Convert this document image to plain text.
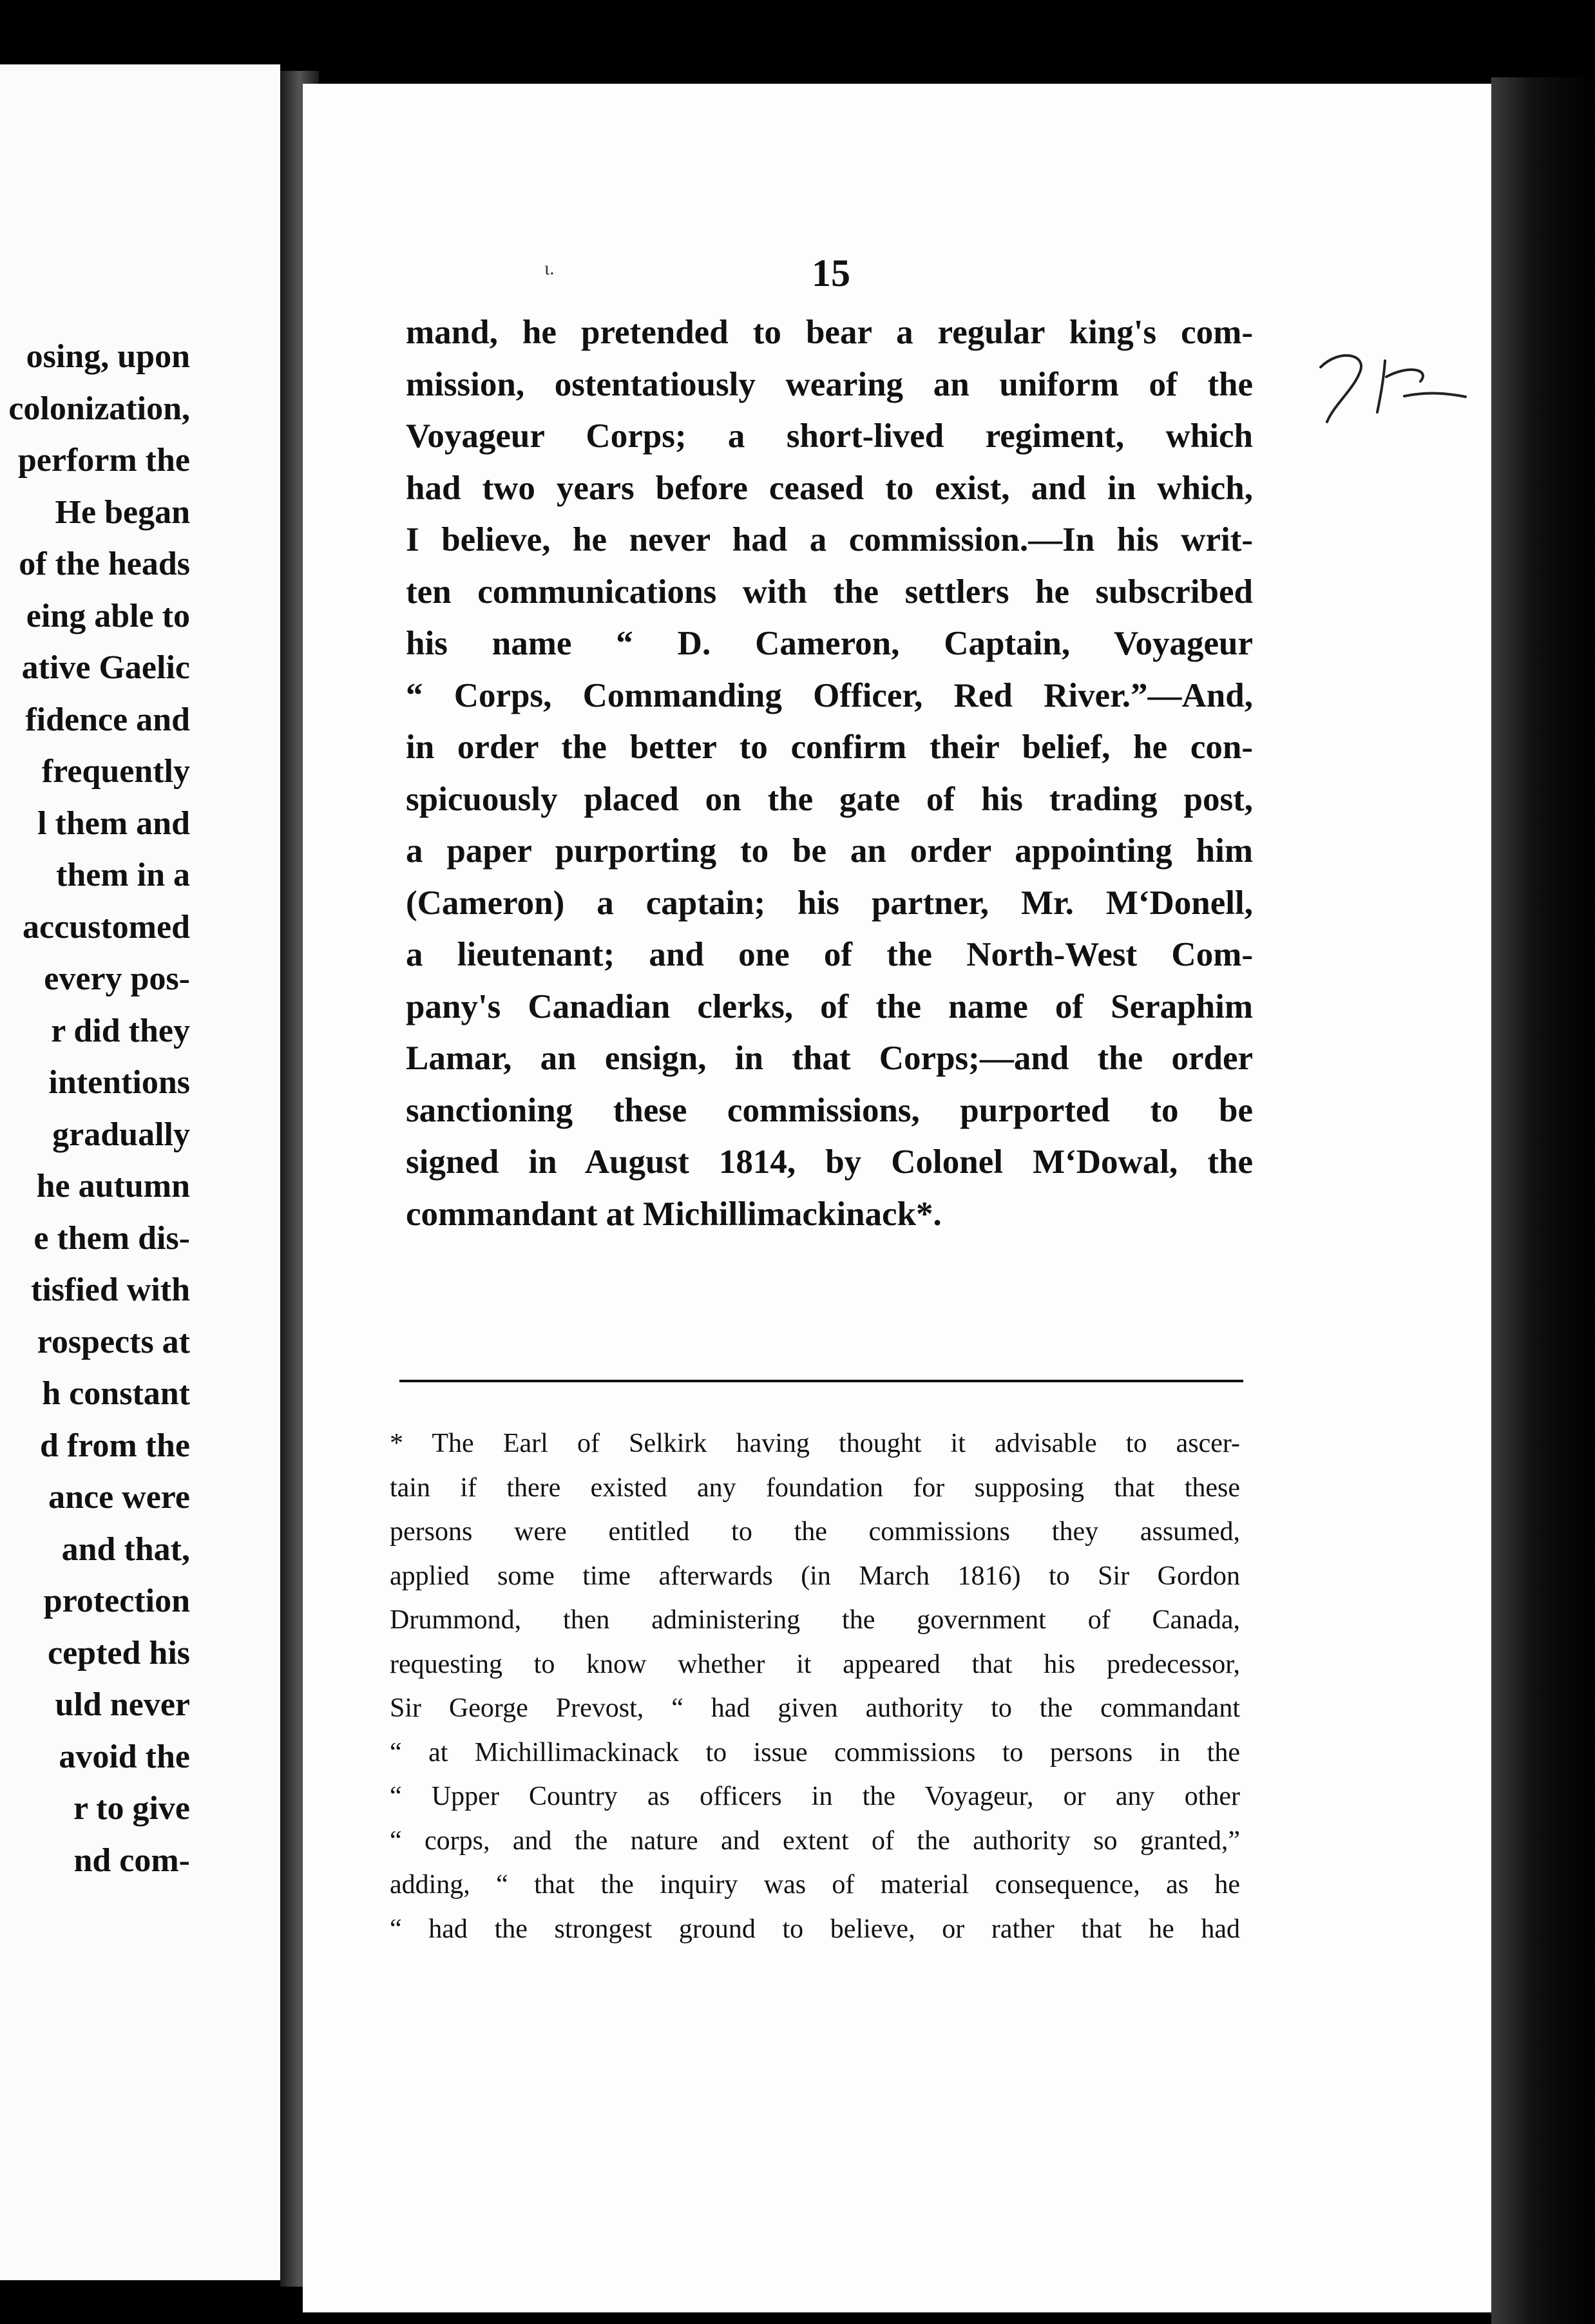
osing, upon
colonization,
perform the
He began
of the heads
eing able to
ative Gaelic
fidence and
frequently
l them and
them in a
accustomed
every pos-
r did they
intentions
gradually
he autumn
e them dis-
tisfied with
rospects at
h constant
d from the
ance were
and that,
protection
cepted his
uld never
avoid the
r to give
nd com-
ι.	15
mand, he pretended to bear a regular king's com-
mission, ostentatiously wearing an uniform of the
Voyageur Corps; a short-lived regiment, which
had two years before ceased to exist, and in which,
I believe, he never had a commission.—In his writ-
ten communications with the settlers he subscribed
his name “ D. Cameron, Captain, Voyageur
“ Corps, Commanding Officer, Red River.”—And,
in order the better to confirm their belief, he con-
spicuously placed on the gate of his trading post,
a paper purporting to be an order appointing him
(Cameron) a captain; his partner, Mr. M‘Donell,
a lieutenant; and one of the North-West Com-
pany's Canadian clerks, of the name of Seraphim
Lamar, an ensign, in that Corps;—and the order
sanctioning these commissions, purported to be
signed in August 1814, by Colonel M‘Dowal, the
commandant at Michillimackinack*.
* The Earl of Selkirk having thought it advisable to ascer-
tain if there existed any foundation for supposing that these
persons were entitled to the commissions they assumed,
applied some time afterwards (in March 1816) to Sir Gordon
Drummond, then administering the government of Canada,
requesting to know whether it appeared that his predecessor,
Sir George Prevost, “ had given authority to the commandant
“ at Michillimackinack to issue commissions to persons in the
“ Upper Country as officers in the Voyageur, or any other
“ corps, and the nature and extent of the authority so granted,”
adding, “ that the inquiry was of material consequence, as he
“ had the strongest ground to believe, or rather that he had
